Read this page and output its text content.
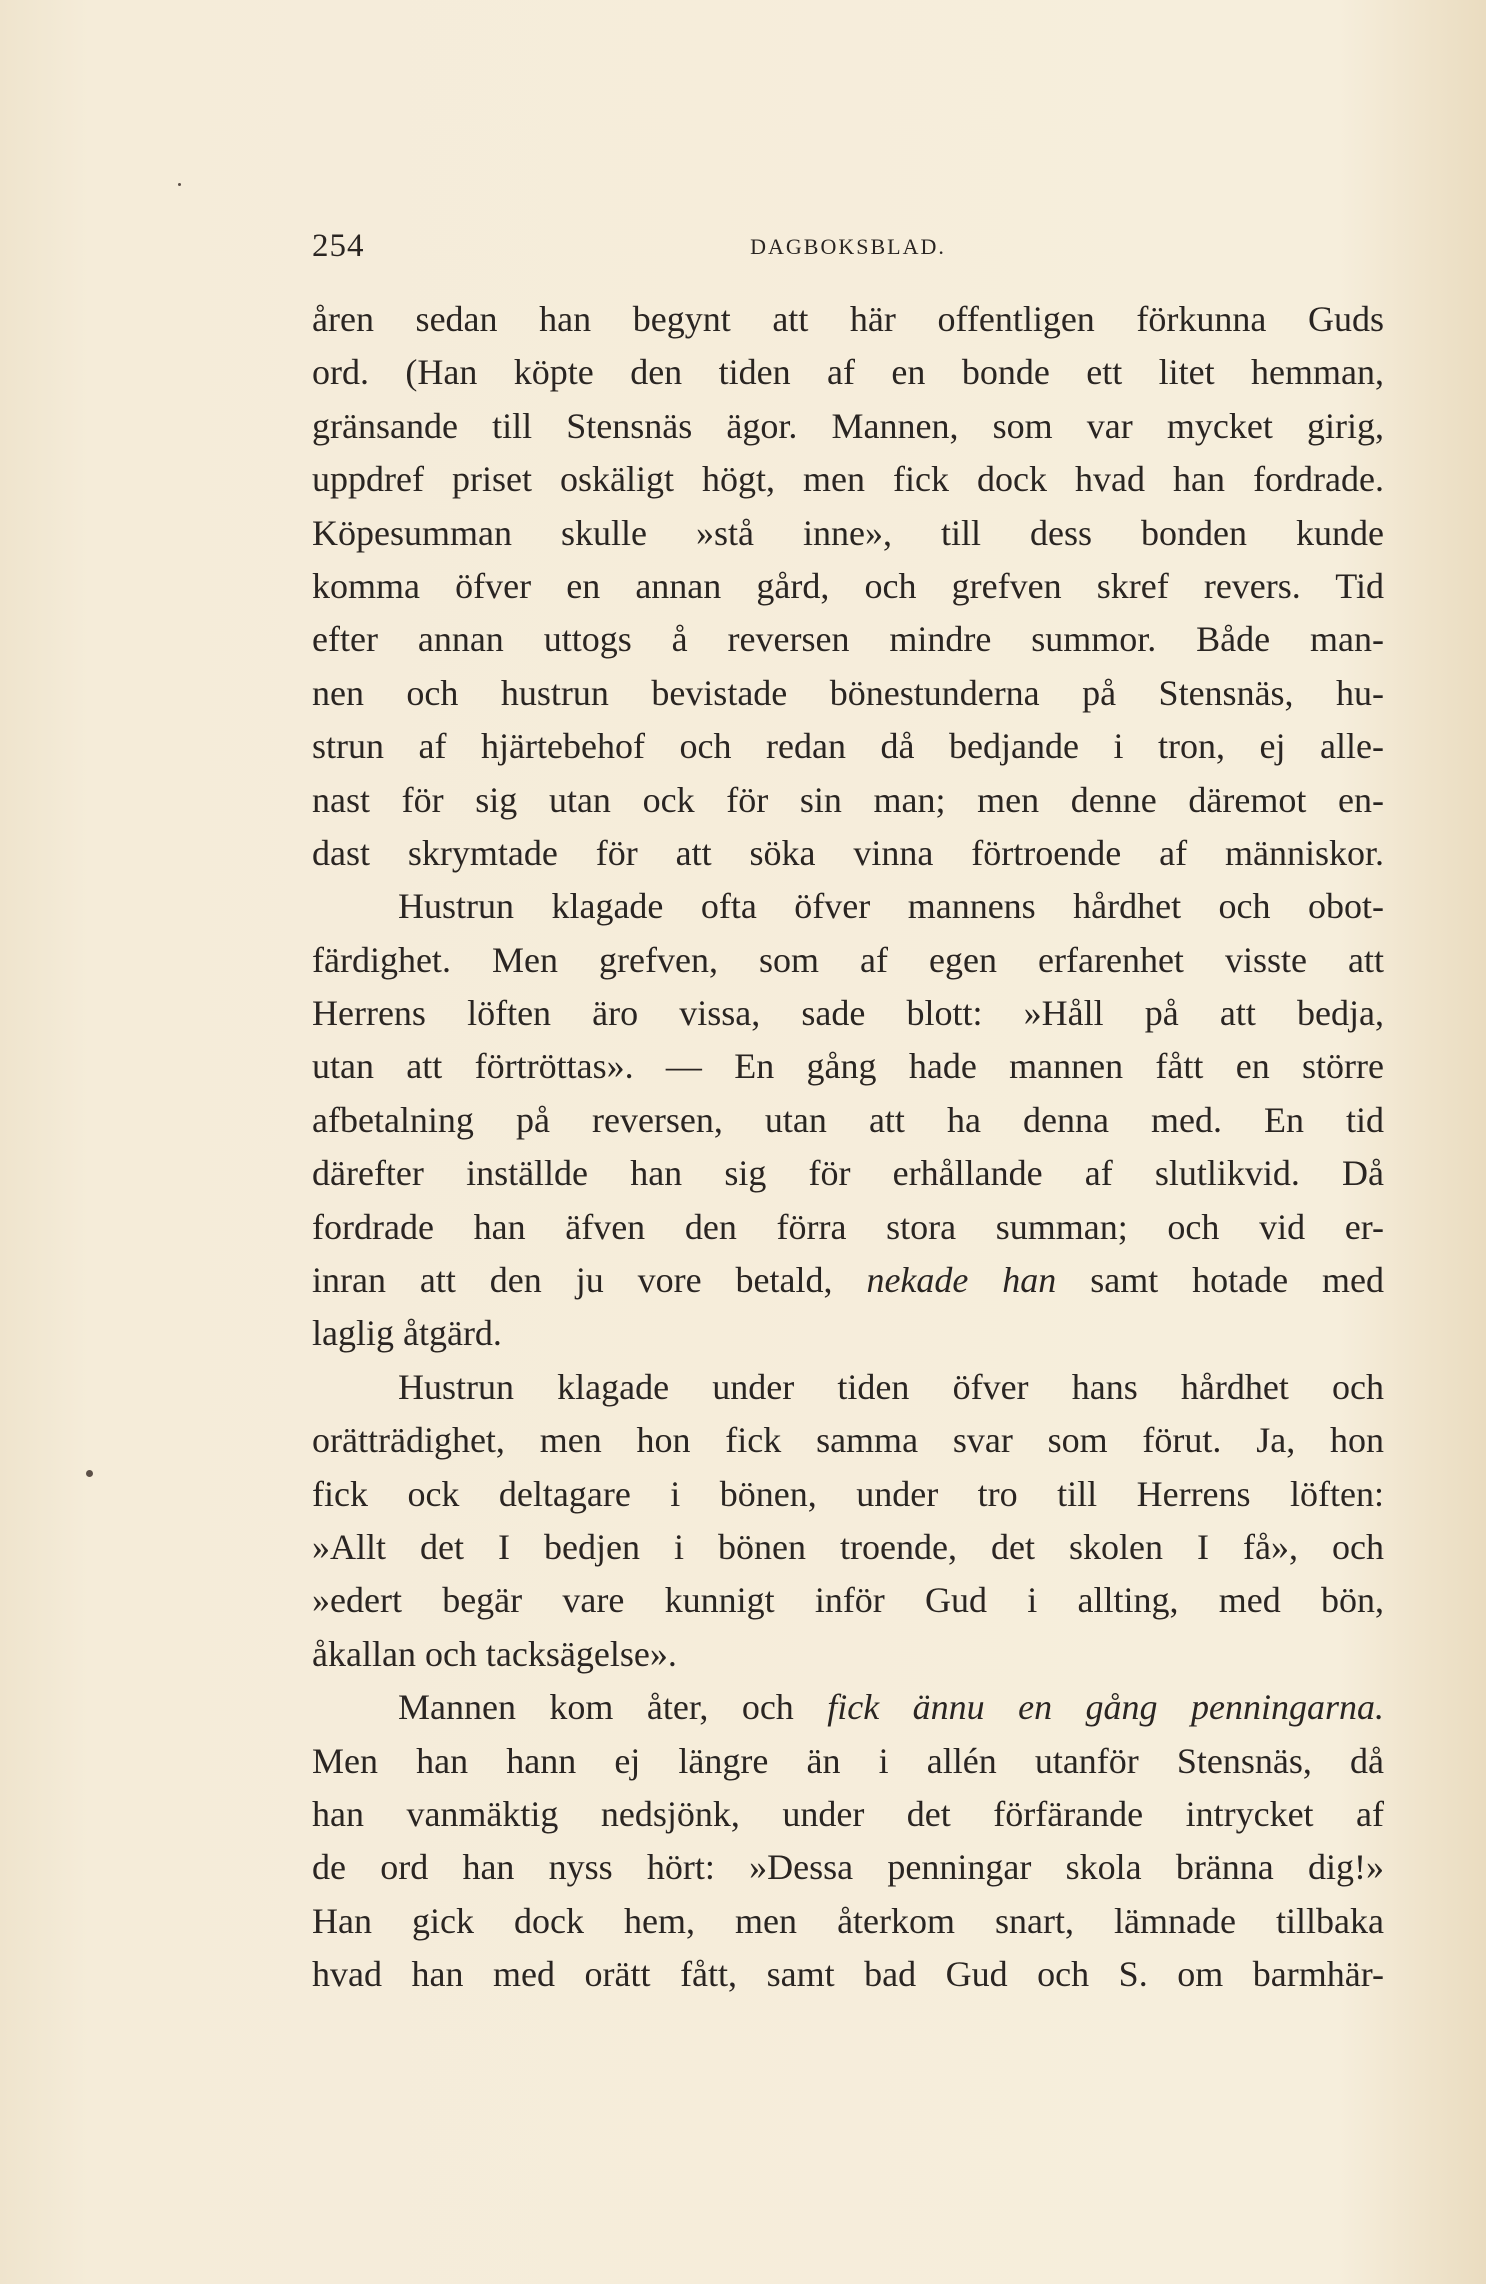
254	DAGBOKSBLAD.
åren sedan han begynt att här offentligen förkunna Guds
ord. (Han köpte den tiden af en bonde ett litet hemman,
gränsande till Stensnäs ägor. Mannen, som var mycket girig,
uppdref priset oskäligt högt, men fick dock hvad han fordrade.
Köpesumman skulle »stå inne», till dess bonden kunde
komma öfver en annan gård, och grefven skref revers. Tid
efter annan uttogs å reversen mindre summor. Både man-
nen och hustrun bevistade bönestunderna på Stensnäs, hu-
strun af hjärtebehof och redan då bedjande i tron, ej alle-
nast för sig utan ock för sin man; men denne däremot en-
dast skrymtade för att söka vinna förtroende af människor.
Hustrun klagade ofta öfver mannens hårdhet och obot-
färdighet. Men grefven, som af egen erfarenhet visste att
Herrens löften äro vissa, sade blott: »Håll på att bedja,
utan att förtröttas». — En gång hade mannen fått en större
afbetalning på reversen, utan att ha denna med. En tid
därefter inställde han sig för erhållande af slutlikvid. Då
fordrade han äfven den förra stora summan; och vid er-
inran att den ju vore betald, nekade han samt hotade med
laglig åtgärd.
Hustrun klagade under tiden öfver hans hårdhet och
orätträdighet, men hon fick samma svar som förut. Ja, hon
fick ock deltagare i bönen, under tro till Herrens löften:
»Allt det I bedjen i bönen troende, det skolen I få», och
»edert begär vare kunnigt inför Gud i allting, med bön,
åkallan och tacksägelse».
Mannen kom åter, och fick ännu en gång penningarna.
Men han hann ej längre än i allén utanför Stensnäs, då
han vanmäktig nedsjönk, under det förfärande intrycket af
de ord han nyss hört: »Dessa penningar skola bränna dig!»
Han gick dock hem, men återkom snart, lämnade tillbaka
hvad han med orätt fått, samt bad Gud och S. om barmhär-
